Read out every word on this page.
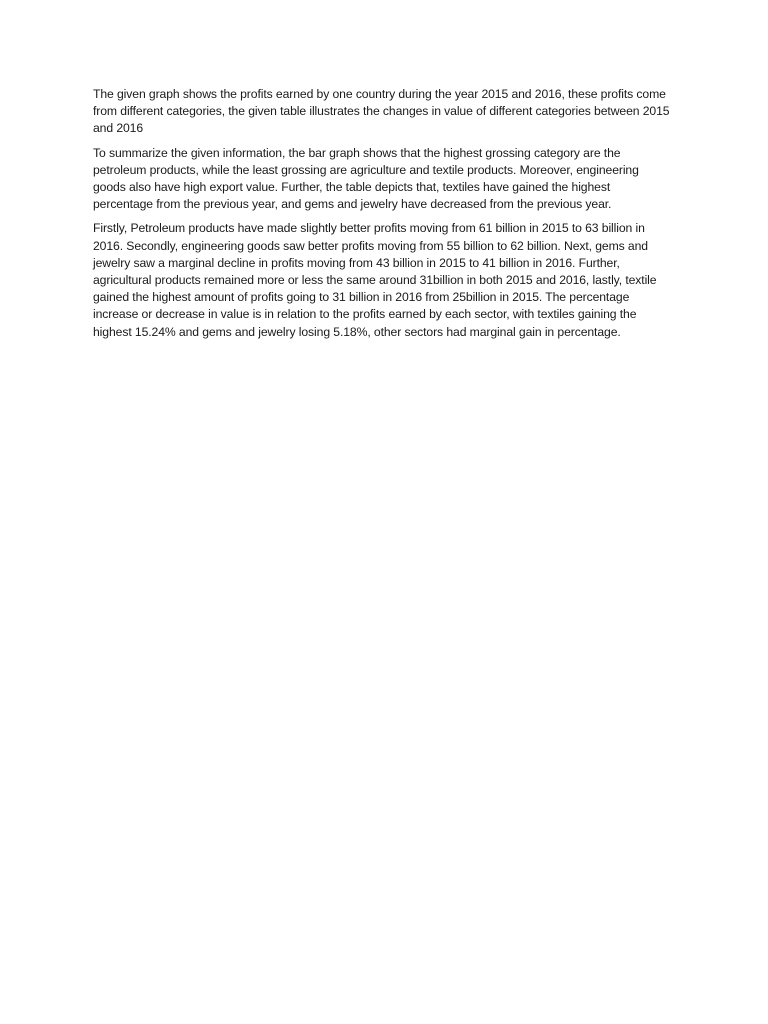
The given graph shows the profits earned by one country during the year 2015 and 2016, these profits come from different categories, the given table illustrates the changes in value of different categories between 2015 and 2016

To summarize the given information, the bar graph shows that the highest grossing category are the petroleum products, while the least grossing are agriculture and textile products. Moreover, engineering goods also have high export value. Further, the table depicts that, textiles have gained the highest percentage from the previous year, and gems and jewelry have decreased from the previous year.

Firstly, Petroleum products have made slightly better profits moving from 61 billion in 2015 to 63 billion in 2016. Secondly, engineering goods saw better profits moving from 55 billion to 62 billion. Next, gems and jewelry saw a marginal decline in profits moving from 43 billion in 2015 to 41 billion in 2016. Further, agricultural products remained more or less the same around 31billion in both 2015 and 2016, lastly, textile gained the highest amount of profits going to 31 billion in 2016 from 25billion in 2015. The percentage increase or decrease in value is in relation to the profits earned by each sector, with textiles gaining the highest 15.24% and gems and jewelry losing 5.18%, other sectors had marginal gain in percentage.
